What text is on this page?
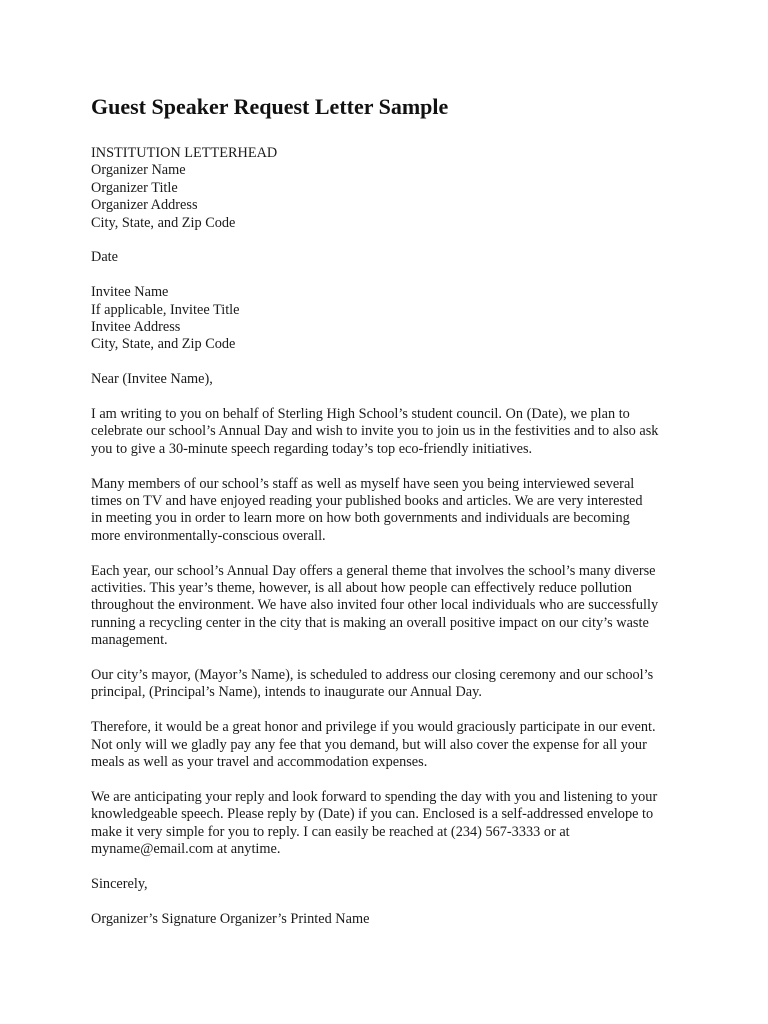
Guest Speaker Request Letter Sample
INSTITUTION LETTERHEAD
Organizer Name
Organizer Title
Organizer Address
City, State, and Zip Code
Date
Invitee Name
If applicable, Invitee Title
Invitee Address
City, State, and Zip Code
Near (Invitee Name),
I am writing to you on behalf of Sterling High School’s student council. On (Date), we plan to
celebrate our school’s Annual Day and wish to invite you to join us in the festivities and to also ask
you to give a 30-minute speech regarding today’s top eco-friendly initiatives.
Many members of our school’s staff as well as myself have seen you being interviewed several
times on TV and have enjoyed reading your published books and articles. We are very interested
in meeting you in order to learn more on how both governments and individuals are becoming
more environmentally-conscious overall.
Each year, our school’s Annual Day offers a general theme that involves the school’s many diverse
activities. This year’s theme, however, is all about how people can effectively reduce pollution
throughout the environment. We have also invited four other local individuals who are successfully
running a recycling center in the city that is making an overall positive impact on our city’s waste
management.
Our city’s mayor, (Mayor’s Name), is scheduled to address our closing ceremony and our school’s
principal, (Principal’s Name), intends to inaugurate our Annual Day.
Therefore, it would be a great honor and privilege if you would graciously participate in our event.
Not only will we gladly pay any fee that you demand, but will also cover the expense for all your
meals as well as your travel and accommodation expenses.
We are anticipating your reply and look forward to spending the day with you and listening to your
knowledgeable speech. Please reply by (Date) if you can. Enclosed is a self-addressed envelope to
make it very simple for you to reply. I can easily be reached at (234) 567-3333 or at
myname@email.com at anytime.
Sincerely,
Organizer’s Signature Organizer’s Printed Name
